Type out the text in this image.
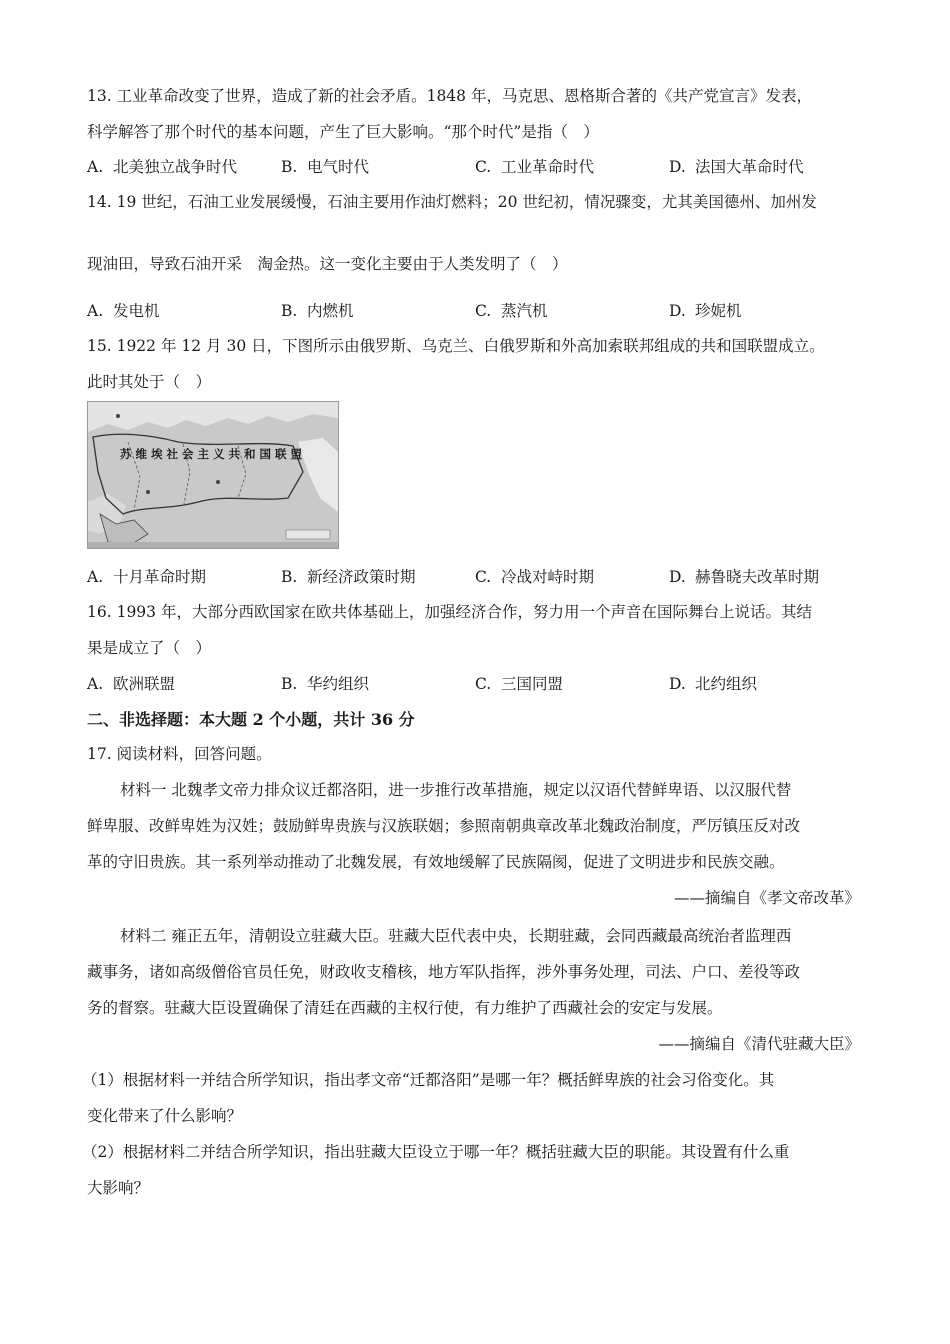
13. 工业革命改变了世界，造成了新的社会矛盾。1848 年，马克思、恩格斯合著的《共产党宣言》发表，
科学解答了那个时代的基本问题，产生了巨大影响。“那个时代”是指（　）
A. 北美独立战争时代	B. 电气时代	C. 工业革命时代	D. 法国大革命时代
14. 19 世纪，石油工业发展缓慢，石油主要用作油灯燃料；20 世纪初，情况骤变，尤其美国德州、加州发
现油田，导致石油开采　淘金热。这一变化主要由于人类发明了（　）
A. 发电机	B. 内燃机	C. 蒸汽机	D. 珍妮机
15. 1922 年 12 月 30 日，下图所示由俄罗斯、乌克兰、白俄罗斯和外高加索联邦组成的共和国联盟成立。
此时其处于（　）
苏维埃社会主义共和国联盟
A. 十月革命时期	B. 新经济政策时期	C. 冷战对峙时期	D. 赫鲁晓夫改革时期
16. 1993 年，大部分西欧国家在欧共体基础上，加强经济合作，努力用一个声音在国际舞台上说话。其结
果是成立了（　）
A. 欧洲联盟	B. 华约组织	C. 三国同盟	D. 北约组织
二、非选择题：本大题 2 个小题，共计 36 分
17. 阅读材料，回答问题。
材料一 北魏孝文帝力排众议迁都洛阳，进一步推行改革措施，规定以汉语代替鲜卑语、以汉服代替
鲜卑服、改鲜卑姓为汉姓；鼓励鲜卑贵族与汉族联姻；参照南朝典章改革北魏政治制度，严厉镇压反对改
革的守旧贵族。其一系列举动推动了北魏发展，有效地缓解了民族隔阂，促进了文明进步和民族交融。
——摘编自《孝文帝改革》
材料二 雍正五年，清朝设立驻藏大臣。驻藏大臣代表中央，长期驻藏，会同西藏最高统治者监理西
藏事务，诸如高级僧俗官员任免，财政收支稽核，地方军队指挥，涉外事务处理，司法、户口、差役等政
务的督察。驻藏大臣设置确保了清廷在西藏的主权行使，有力维护了西藏社会的安定与发展。
——摘编自《清代驻藏大臣》
（1）根据材料一并结合所学知识，指出孝文帝“迁都洛阳”是哪一年？概括鲜卑族的社会习俗变化。其
变化带来了什么影响？
（2）根据材料二并结合所学知识，指出驻藏大臣设立于哪一年？概括驻藏大臣的职能。其设置有什么重
大影响？
